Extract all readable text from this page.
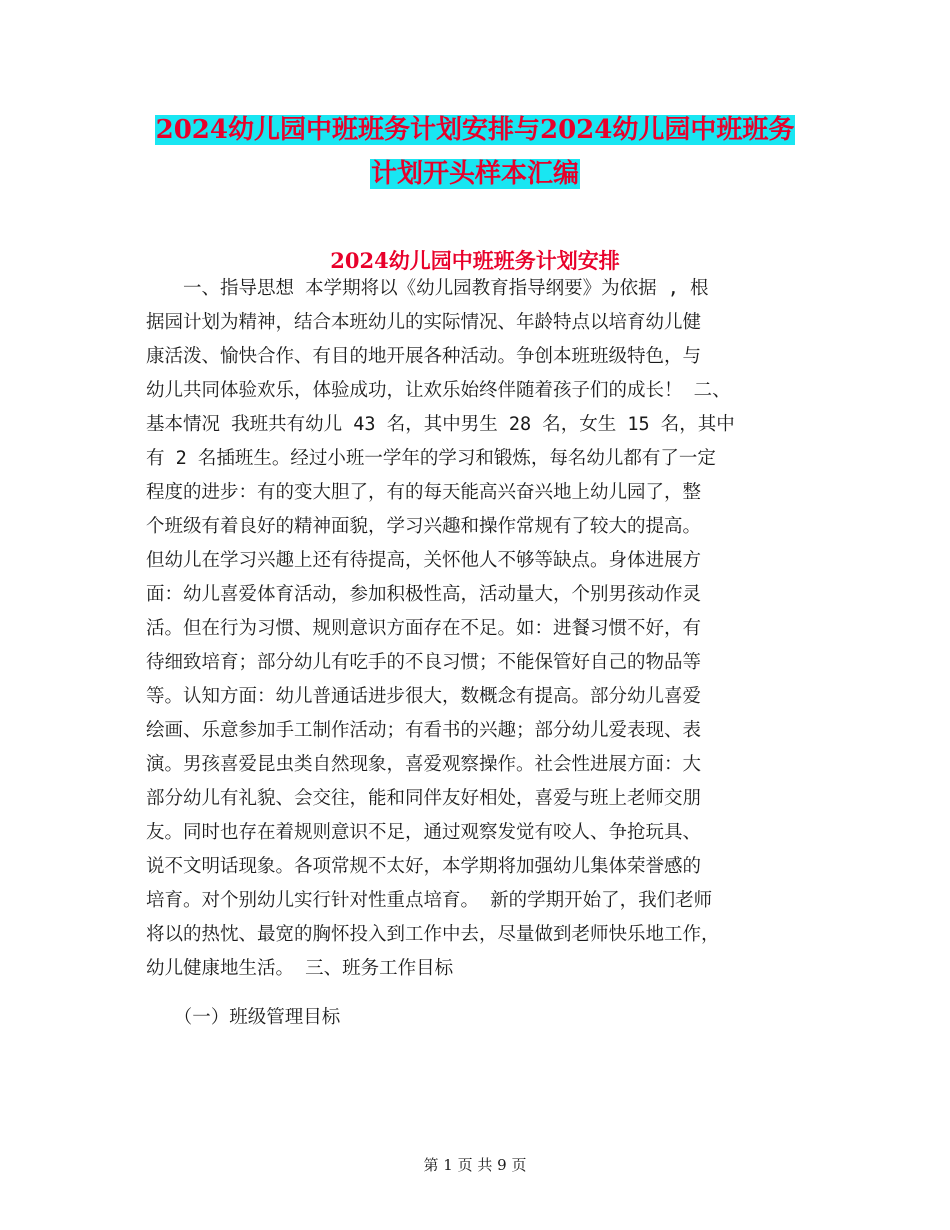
2024幼儿园中班班务计划安排与2024幼儿园中班班务
计划开头样本汇编
2024幼儿园中班班务计划安排
　　一、指导思想 本学期将以《幼儿园教育指导纲要》为依据 , 根
据园计划为精神，结合本班幼儿的实际情况、年龄特点以培育幼儿健
康活泼、愉快合作、有目的地开展各种活动。争创本班班级特色，与
幼儿共同体验欢乐，体验成功，让欢乐始终伴随着孩子们的成长！ 二、
基本情况 我班共有幼儿 43 名，其中男生 28 名，女生 15 名，其中
有 2 名插班生。经过小班一学年的学习和锻炼，每名幼儿都有了一定
程度的进步：有的变大胆了，有的每天能高兴奋兴地上幼儿园了，整
个班级有着良好的精神面貌，学习兴趣和操作常规有了较大的提高。
但幼儿在学习兴趣上还有待提高，关怀他人不够等缺点。身体进展方
面：幼儿喜爱体育活动，参加积极性高，活动量大，个别男孩动作灵
活。但在行为习惯、规则意识方面存在不足。如：进餐习惯不好，有
待细致培育；部分幼儿有吃手的不良习惯；不能保管好自己的物品等
等。认知方面：幼儿普通话进步很大，数概念有提高。部分幼儿喜爱
绘画、乐意参加手工制作活动；有看书的兴趣；部分幼儿爱表现、表
演。男孩喜爱昆虫类自然现象，喜爱观察操作。社会性进展方面：大
部分幼儿有礼貌、会交往，能和同伴友好相处，喜爱与班上老师交朋
友。同时也存在着规则意识不足，通过观察发觉有咬人、争抢玩具、
说不文明话现象。各项常规不太好，本学期将加强幼儿集体荣誉感的
培育。对个别幼儿实行针对性重点培育。 新的学期开始了，我们老师
将以的热忱、最宽的胸怀投入到工作中去，尽量做到老师快乐地工作，
幼儿健康地生活。 三、班务工作目标
　　（一）班级管理目标
第 1 页 共 9 页
